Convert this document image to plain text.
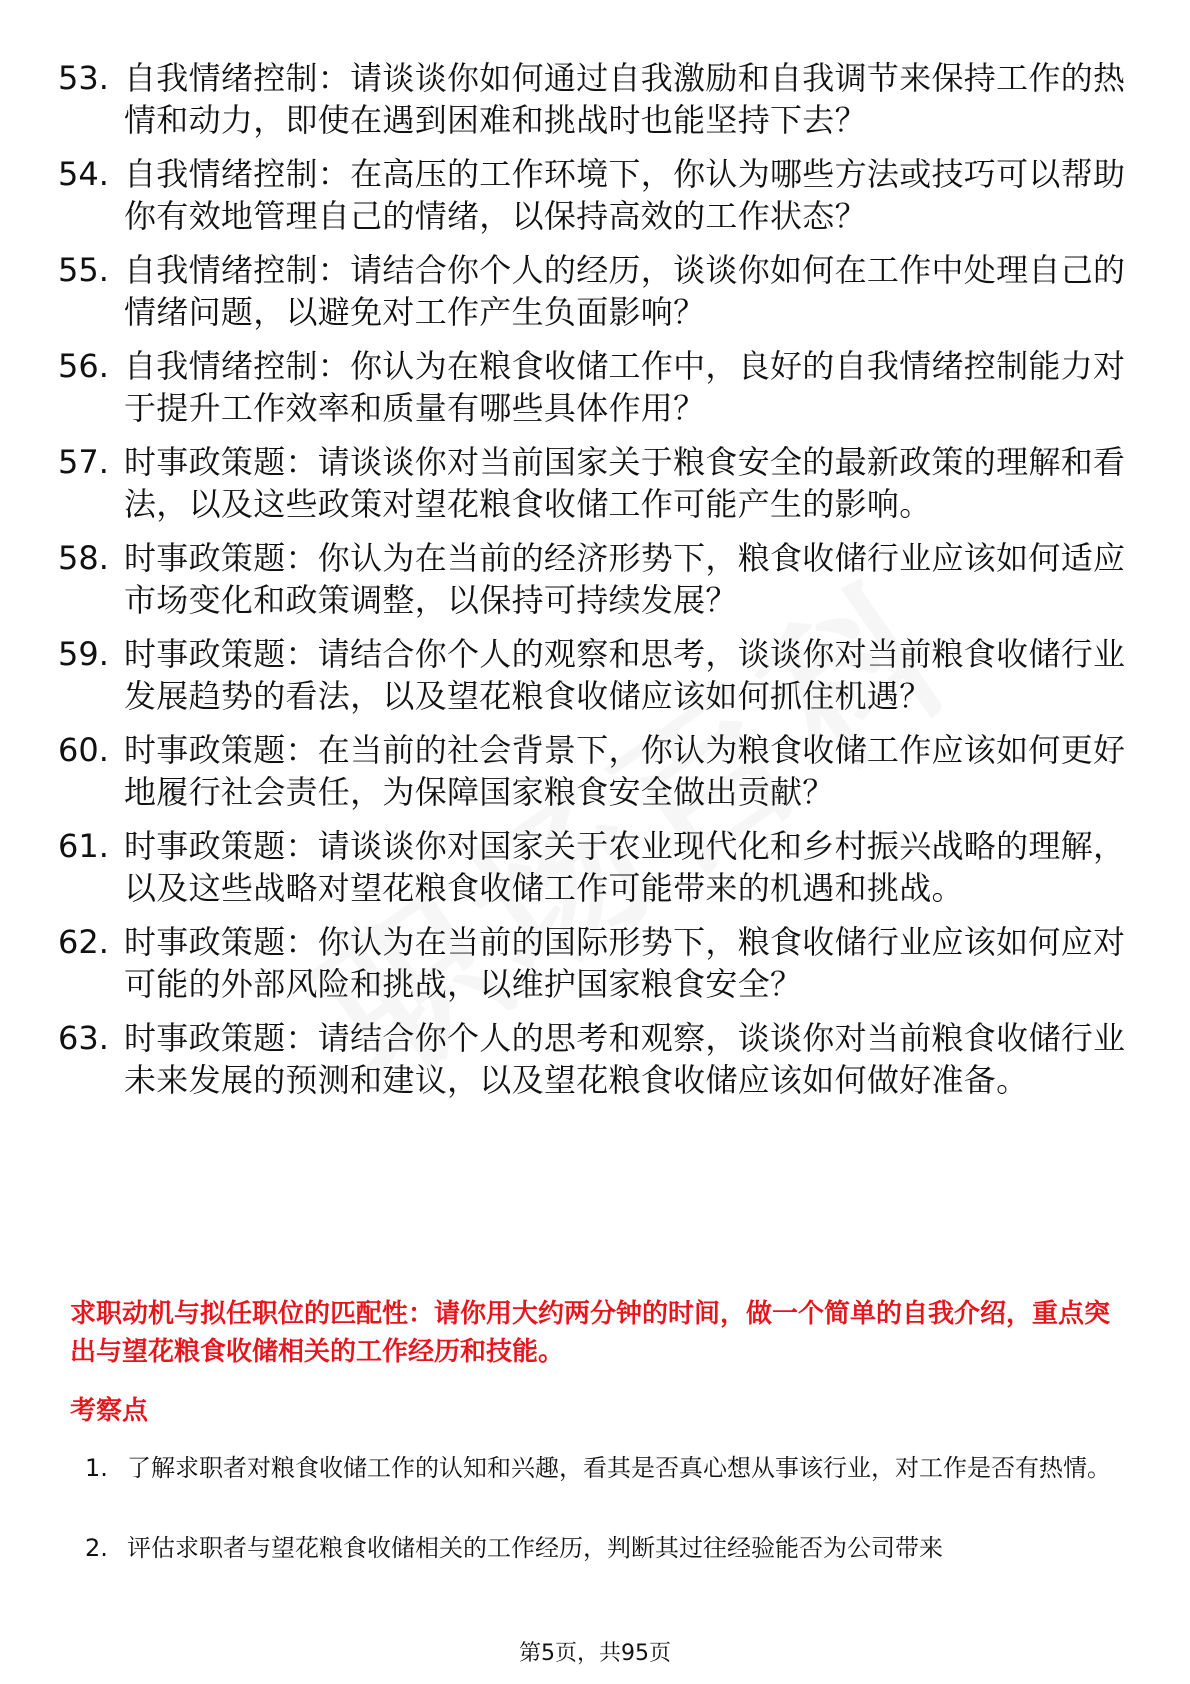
53. 自我情绪控制：请谈谈你如何通过自我激励和自我调节来保持工作的热情和动力，即使在遇到困难和挑战时也能坚持下去？
54. 自我情绪控制：在高压的工作环境下，你认为哪些方法或技巧可以帮助你有效地管理自己的情绪，以保持高效的工作状态？
55. 自我情绪控制：请结合你个人的经历，谈谈你如何在工作中处理自己的情绪问题，以避免对工作产生负面影响？
56. 自我情绪控制：你认为在粮食收储工作中，良好的自我情绪控制能力对于提升工作效率和质量有哪些具体作用？
57. 时事政策题：请谈谈你对当前国家关于粮食安全的最新政策的理解和看法，以及这些政策对望花粮食收储工作可能产生的影响。
58. 时事政策题：你认为在当前的经济形势下，粮食收储行业应该如何适应市场变化和政策调整，以保持可持续发展？
59. 时事政策题：请结合你个人的观察和思考，谈谈你对当前粮食收储行业发展趋势的看法，以及望花粮食收储应该如何抓住机遇？
60. 时事政策题：在当前的社会背景下，你认为粮食收储工作应该如何更好地履行社会责任，为保障国家粮食安全做出贡献？
61. 时事政策题：请谈谈你对国家关于农业现代化和乡村振兴战略的理解，以及这些战略对望花粮食收储工作可能带来的机遇和挑战。
62. 时事政策题：你认为在当前的国际形势下，粮食收储行业应该如何应对可能的外部风险和挑战，以维护国家粮食安全？
63. 时事政策题：请结合你个人的思考和观察，谈谈你对当前粮食收储行业未来发展的预测和建议，以及望花粮食收储应该如何做好准备。
求职动机与拟任职位的匹配性：请你用大约两分钟的时间，做一个简单的自我介绍，重点突出与望花粮食收储相关的工作经历和技能。
考察点
1. 了解求职者对粮食收储工作的认知和兴趣，看其是否真心想从事该行业，对工作是否有热情。
2. 评估求职者与望花粮食收储相关的工作经历，判断其过往经验能否为公司带来
第5页，共95页
